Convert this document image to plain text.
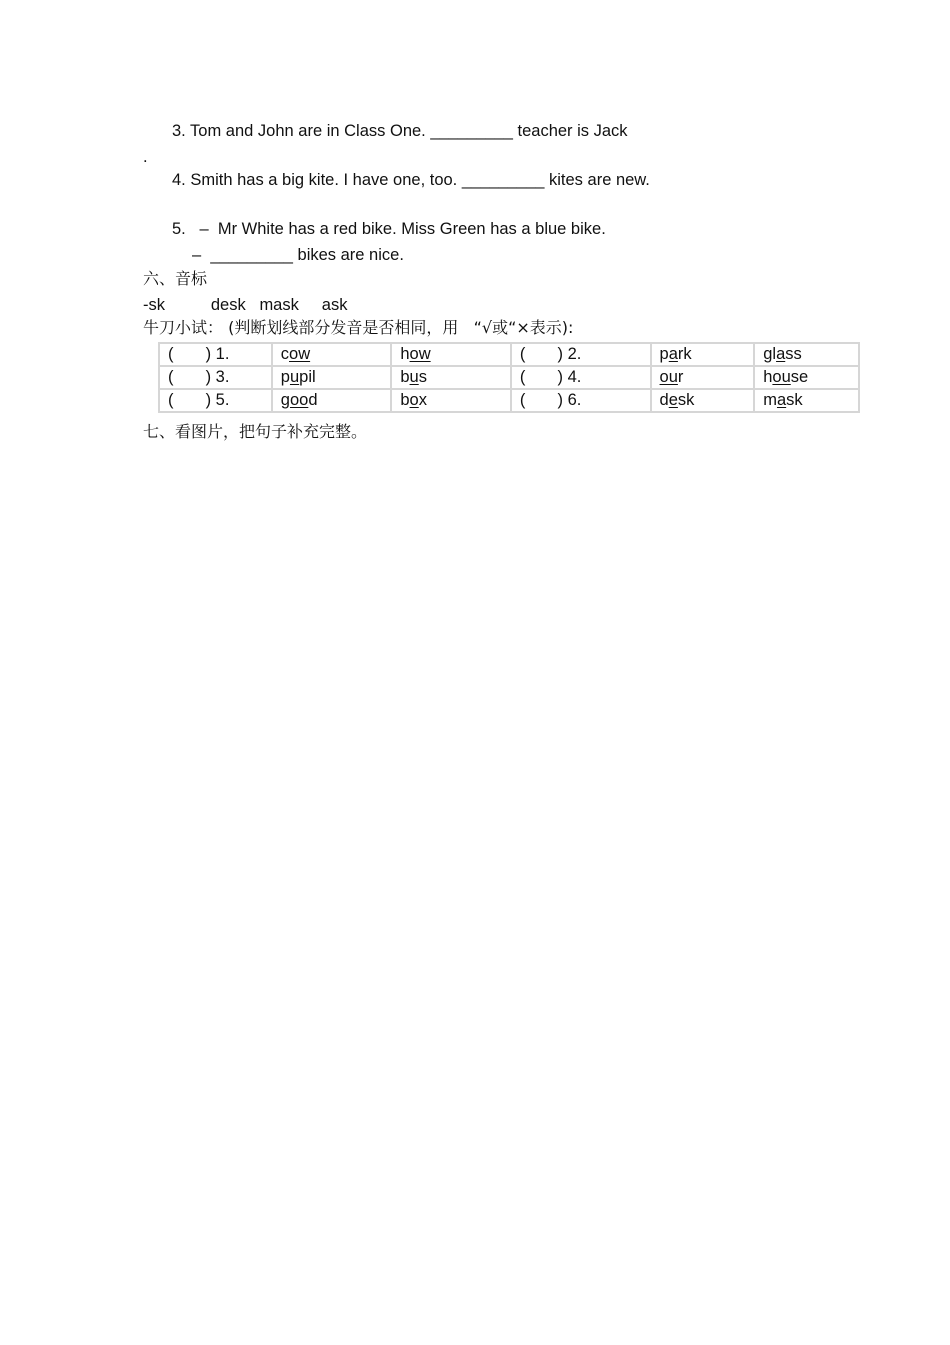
3. Tom and John are in Class One. _________ teacher is Jack
.
4. Smith has a big kite. I have one, too. _________ kites are new.
5.   –  Mr White has a red bike. Miss Green has a blue bike.
–  _________ bikes are nice.
六、音标
-sk          desk   mask     ask
牛刀小试： (判断划线部分发音是否相同，用   “√或“×表示):
(       ) 1.	cow	how	(       ) 2.	park	glass
(       ) 3.	pupil	bus	(       ) 4.	our	house
(       ) 5.	good	box	(       ) 6.	desk	mask
七、看图片，把句子补充完整。
